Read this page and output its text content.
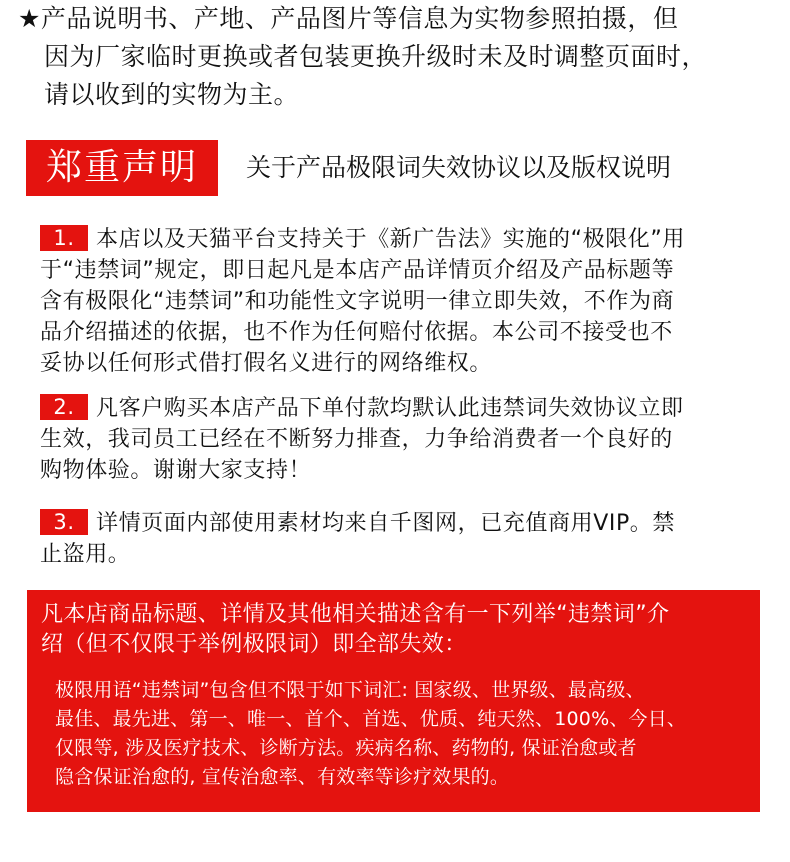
★产品说明书、产地、产品图片等信息为实物参照拍摄，但
因为厂家临时更换或者包装更换升级时未及时调整页面时，
请以收到的实物为主。
郑重声明	关于产品极限词失效协议以及版权说明
1. 本店以及天猫平台支持关于《新广告法》实施的“极限化”用
于“违禁词”规定，即日起凡是本店产品详情页介绍及产品标题等
含有极限化“违禁词”和功能性文字说明一律立即失效，不作为商
品介绍描述的依据，也不作为任何赔付依据。本公司不接受也不
妥协以任何形式借打假名义进行的网络维权。
2. 凡客户购买本店产品下单付款均默认此违禁词失效协议立即
生效，我司员工已经在不断努力排查，力争给消费者一个良好的
购物体验。谢谢大家支持！
3. 详情页面内部使用素材均来自千图网，已充值商用VIP。禁
止盗用。
凡本店商品标题、详情及其他相关描述含有一下列举“违禁词”介
绍（但不仅限于举例极限词）即全部失效：
极限用语“违禁词”包含但不限于如下词汇: 国家级、世界级、最高级、
最佳、最先进、第一、唯一、首个、首选、优质、纯天然、100%、今日、
仅限等, 涉及医疗技术、诊断方法。疾病名称、药物的, 保证治愈或者
隐含保证治愈的, 宣传治愈率、有效率等诊疗效果的。
